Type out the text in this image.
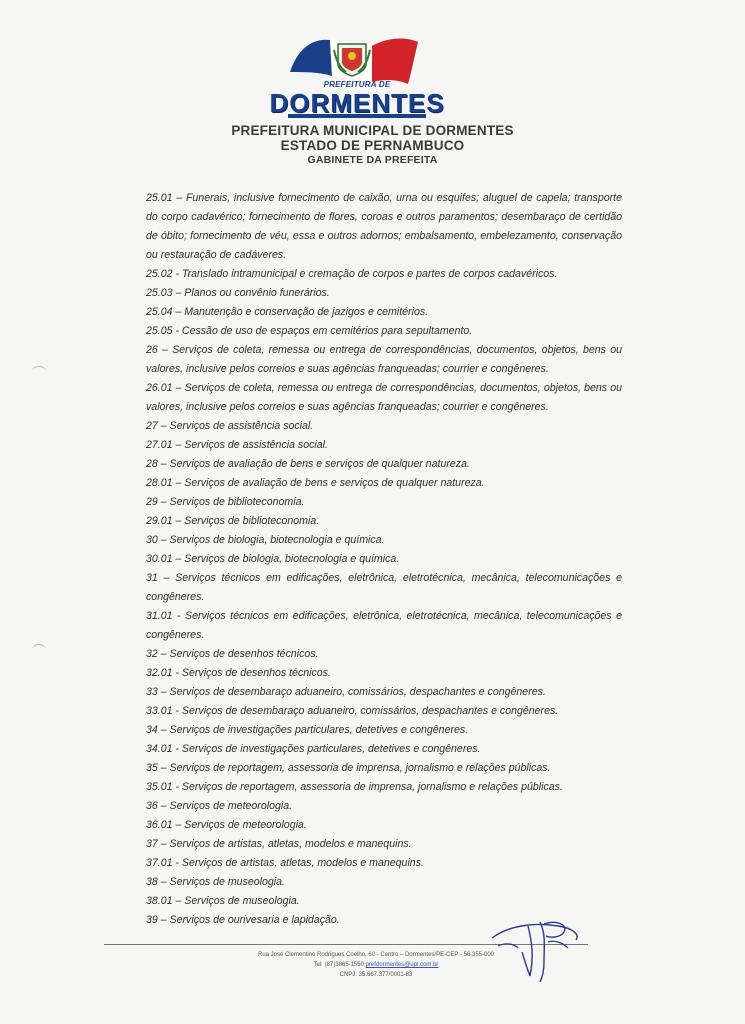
PREFEITURA DE
DORMENTES
PREFEITURA MUNICIPAL DE DORMENTES
ESTADO DE PERNAMBUCO
GABINETE DA PREFEITA

25.01 – Funerais, inclusive fornecimento de caixão, urna ou esquifes; aluguel de capela; transporte do corpo cadavérico; fornecimento de flores, coroas e outros paramentos; desembaraço de certidão de óbito; fornecimento de véu, essa e outros adornos; embalsamento, embelezamento, conservação ou restauração de cadáveres.

25.02 - Translado intramunicipal e cremação de corpos e partes de corpos cadavéricos.

25.03 – Planos ou convênio funerários.

25.04 – Manutenção e conservação de jazigos e cemitérios.

25.05 - Cessão de uso de espaços em cemitérios para sepultamento.

26 – Serviços de coleta, remessa ou entrega de correspondências, documentos, objetos, bens ou valores, inclusive pelos correios e suas agências franqueadas; courrier e congêneres.

26.01 – Serviços de coleta, remessa ou entrega de correspondências, documentos, objetos, bens ou valores, inclusive pelos correios e suas agências franqueadas; courrier e congêneres.

27 – Serviços de assistência social.

27.01 – Serviços de assistência social.

28 – Serviços de avaliação de bens e serviços de qualquer natureza.

28.01 – Serviços de avaliação de bens e serviços de qualquer natureza.

29 – Serviços de biblioteconomia.

29.01 – Serviços de biblioteconomia.

30 – Serviços de biologia, biotecnologia e química.

30.01 – Serviços de biologia, biotecnologia e química.

31 – Serviços técnicos em edificações, eletrônica, eletrotécnica, mecânica, telecomunicações e congêneres.

31.01 - Serviços técnicos em edificações, eletrônica, eletrotécnica, mecânica, telecomunicações e congêneres.

32 – Serviços de desenhos técnicos.

32.01 - Serviços de desenhos técnicos.

33 – Serviços de desembaraço aduaneiro, comissários, despachantes e congêneres.

33.01 - Serviços de desembaraço aduaneiro, comissários, despachantes e congêneres.

34 – Serviços de investigações particulares, detetives e congêneres.

34.01 - Serviços de investigações particulares, detetives e congêneres.

35 – Serviços de reportagem, assessoria de imprensa, jornalismo e relações públicas.

35.01 - Serviços de reportagem, assessoria de imprensa, jornalismo e relações públicas.

36 – Serviços de meteorologia.

36.01 – Serviços de meteorologia.

37 – Serviços de artistas, atletas, modelos e manequins.

37.01 - Serviços de artistas, atletas, modelos e manequins.

38 – Serviços de museologia.

38.01 – Serviços de museologia.

39 – Serviços de ourivesaria e lapidação.

Rua José Clementino Rodrigues Coelho, 60 - Centro – Dormentes/PE-CEP - 56.355-000
Tel: (87)3865-1550 prefdormentes@upl.com.br
CNPJ: 35.667.377/0001-83
